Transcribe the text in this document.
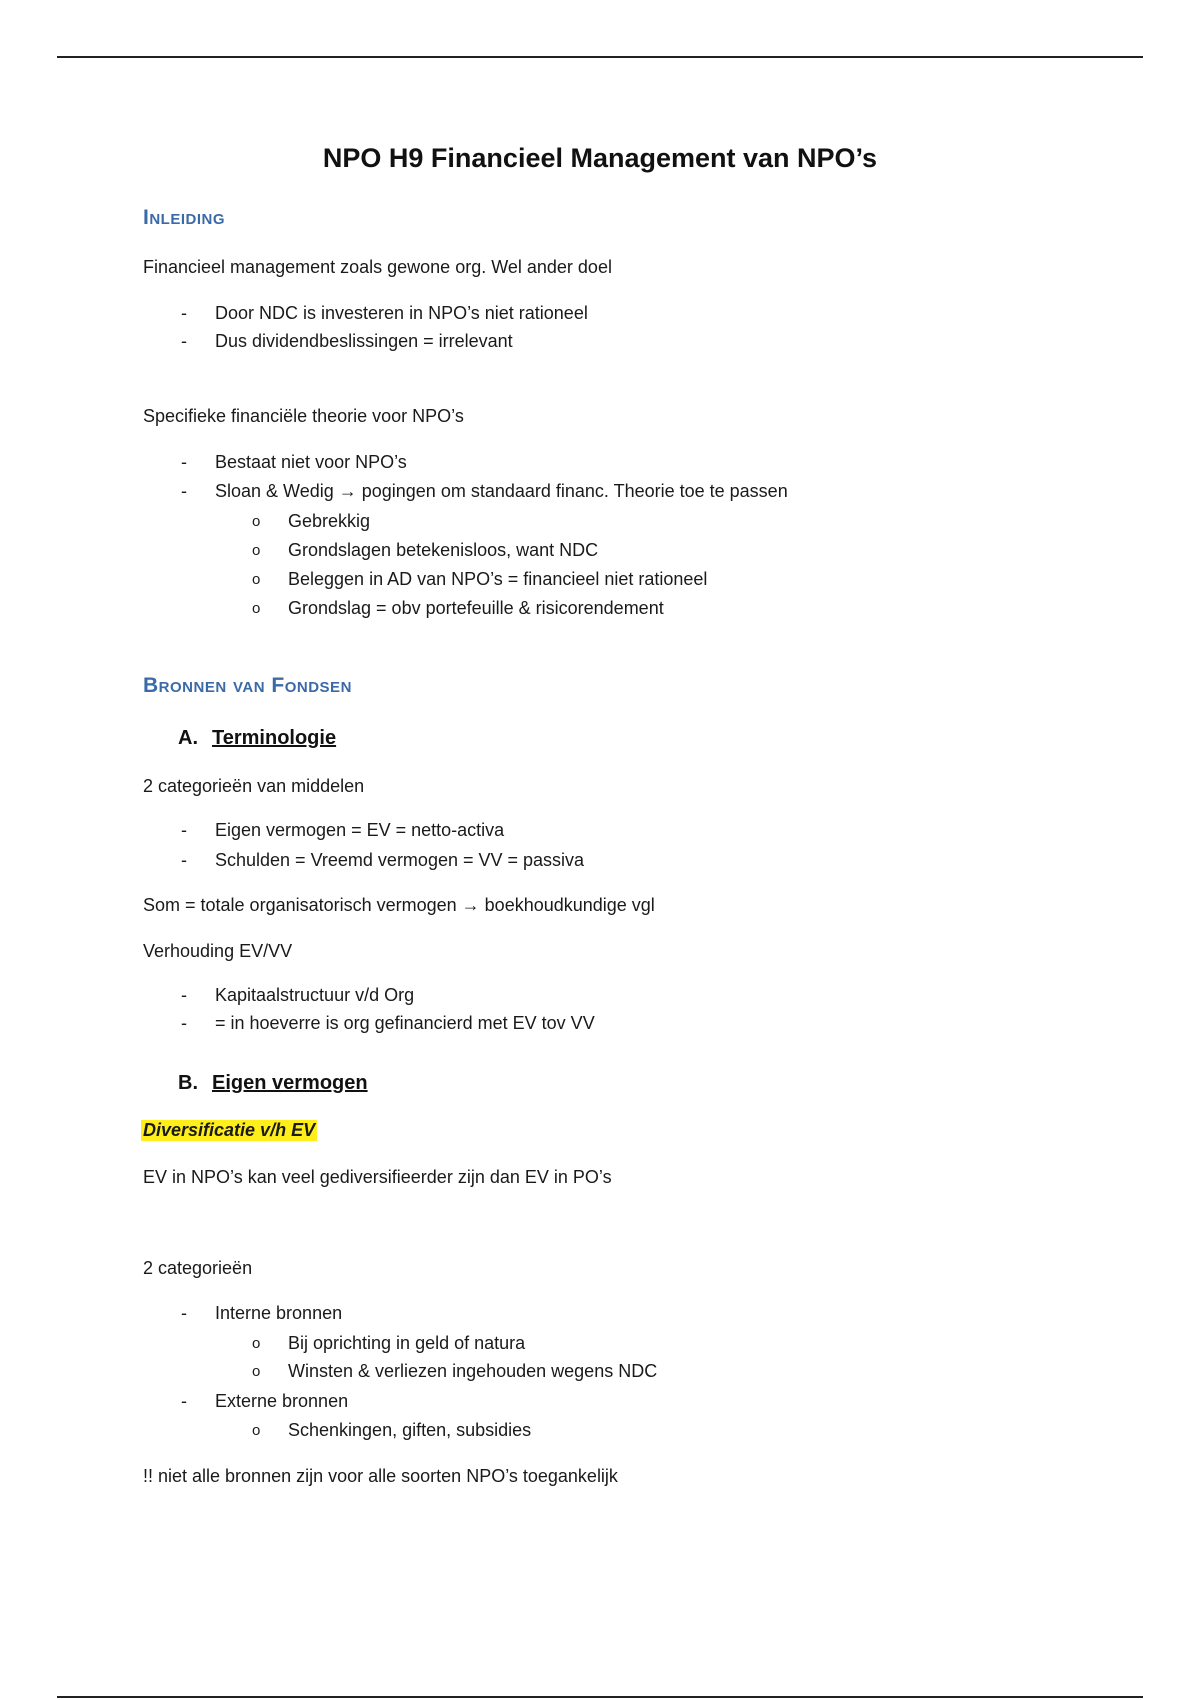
NPO H9 Financieel Management van NPO’s
Inleiding

Financieel management zoals gewone org. Wel ander doel

- Door NDC is investeren in NPO’s niet rationeel

- Dus dividendbeslissingen = irrelevant

Specifieke financiële theorie voor NPO’s

- Bestaat niet voor NPO’s

- Sloan & Wedig → pogingen om standaard financ. Theorie toe te passen

o Gebrekkig

o Grondslagen betekenisloos, want NDC

o Beleggen in AD van NPO’s = financieel niet rationeel

o Grondslag = obv portefeuille & risicorendement

Bronnen van Fondsen
A. Terminologie

2 categorieën van middelen

- Eigen vermogen = EV = netto-activa

- Schulden = Vreemd vermogen = VV = passiva

Som = totale organisatorisch vermogen → boekhoudkundige vgl

Verhouding EV/VV

- Kapitaalstructuur v/d Org

- = in hoeverre is org gefinancierd met EV tov VV

B. Eigen vermogen

Diversificatie v/h EV

EV in NPO’s kan veel gediversifieerder zijn dan EV in PO’s

2 categorieën

- Interne bronnen

o Bij oprichting in geld of natura

o Winsten & verliezen ingehouden wegens NDC

- Externe bronnen

o Schenkingen, giften, subsidies

!! niet alle bronnen zijn voor alle soorten NPO’s toegankelijk
